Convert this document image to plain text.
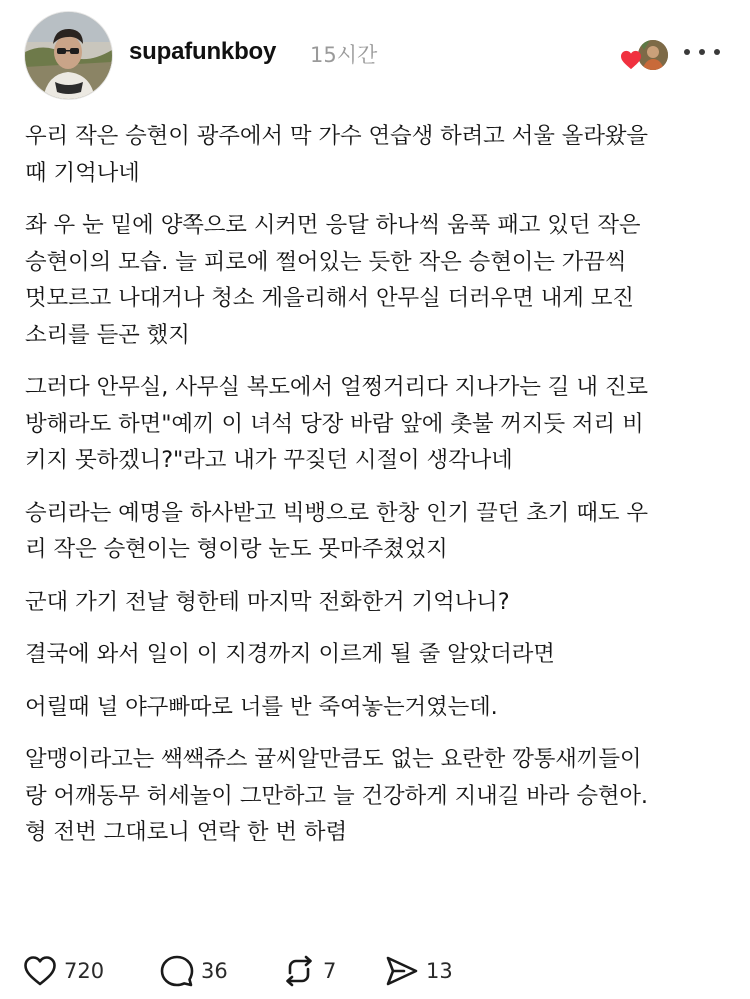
supafunkboy 15시간

우리 작은 승현이 광주에서 막 가수 연습생 하려고 서울 올라왔을
때 기억나네

좌 우 눈 밑에 양쪽으로 시커먼 응달 하나씩 움푹 패고 있던 작은
승현이의 모습. 늘 피로에 쩔어있는 듯한 작은 승현이는 가끔씩
멋모르고 나대거나 청소 게을리해서 안무실 더러우면 내게 모진
소리를 듣곤 했지

그러다 안무실, 사무실 복도에서 얼쩡거리다 지나가는 길 내 진로
방해라도 하면"예끼 이 녀석 당장 바람 앞에 촛불 꺼지듯 저리 비
키지 못하겠니?"라고 내가 꾸짖던 시절이 생각나네

승리라는 예명을 하사받고 빅뱅으로 한창 인기 끌던 초기 때도 우
리 작은 승현이는 형이랑 눈도 못마주쳤었지

군대 가기 전날 형한테 마지막 전화한거 기억나니?

결국에 와서 일이 이 지경까지 이르게 될 줄 알았더라면

어릴때 널 야구빠따로 너를 반 죽여놓는거였는데.

알맹이라고는 쌕쌕쥬스 귤씨알만큼도 없는 요란한 깡통새끼들이
랑 어깨동무 허세놀이 그만하고 늘 건강하게 지내길 바라 승현아.
형 전번 그대로니 연락 한 번 하렴

720	36	7	13
